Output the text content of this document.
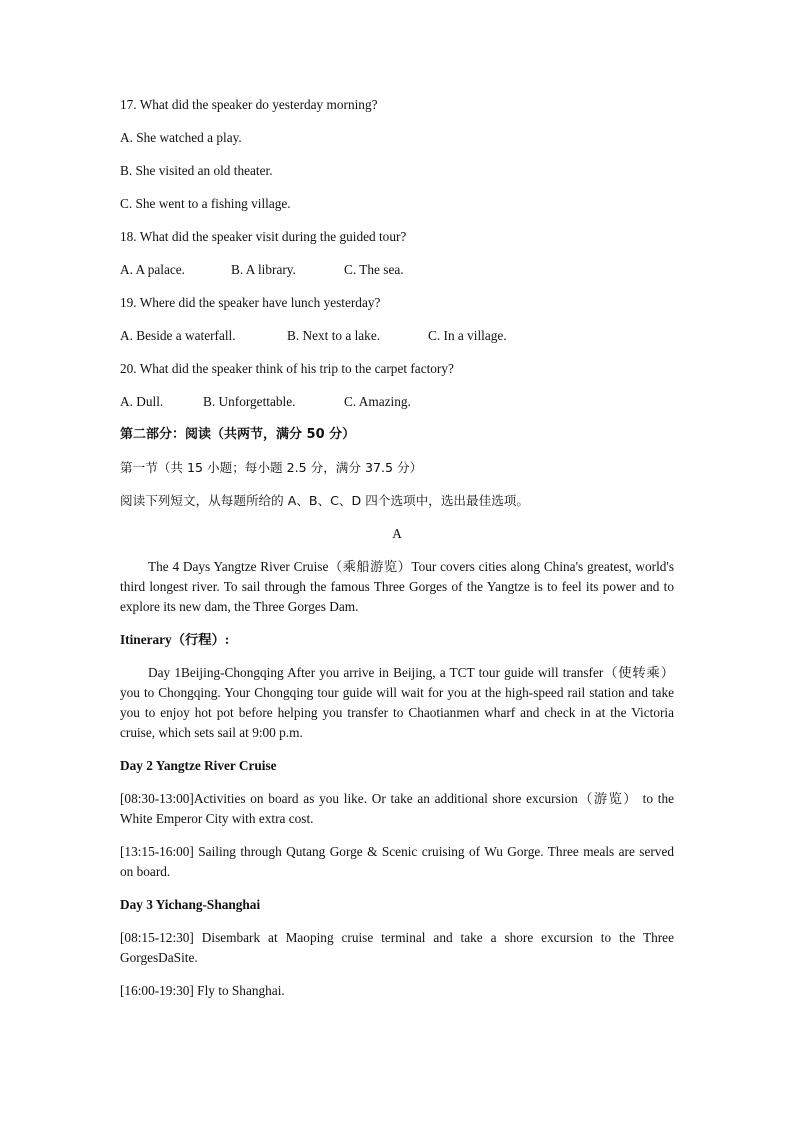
17. What did the speaker do yesterday morning?
A. She watched a play.
B. She visited an old theater.
C. She went to a fishing village.
18. What did the speaker visit during the guided tour?
A. A palace.	B. A library.	C. The sea.
19. Where did the speaker have lunch yesterday?
A. Beside a waterfall.	B. Next to a lake.	C. In a village.
20. What did the speaker think of his trip to the carpet factory?
A. Dull.	B. Unforgettable.	C. Amazing.
第二部分：阅读（共两节，满分 50 分）
第一节（共 15 小题；每小题 2.5 分，满分 37.5 分）
阅读下列短文，从每题所给的 A、B、C、D 四个选项中，选出最佳选项。
A
The 4 Days Yangtze River Cruise（乘船游览）Tour covers cities along China's greatest, world's third longest river. To sail through the famous Three Gorges of the Yangtze is to feel its power and to explore its new dam, the Three Gorges Dam.
Itinerary（行程）:
Day 1Beijing-Chongqing After you arrive in Beijing, a TCT tour guide will transfer（使转乘）you to Chongqing. Your Chongqing tour guide will wait for you at the high-speed rail station and take you to enjoy hot pot before helping you transfer to Chaotianmen wharf and check in at the Victoria cruise, which sets sail at 9:00 p.m.
Day 2 Yangtze River Cruise
[08:30-13:00]Activities on board as you like. Or take an additional shore excursion（游览） to the White Emperor City with extra cost.
[13:15-16:00] Sailing through Qutang Gorge & Scenic cruising of Wu Gorge. Three meals are served on board.
Day 3 Yichang-Shanghai
[08:15-12:30] Disembark at Maoping cruise terminal and take a shore excursion to the Three GorgesDaSite.
[16:00-19:30] Fly to Shanghai.
